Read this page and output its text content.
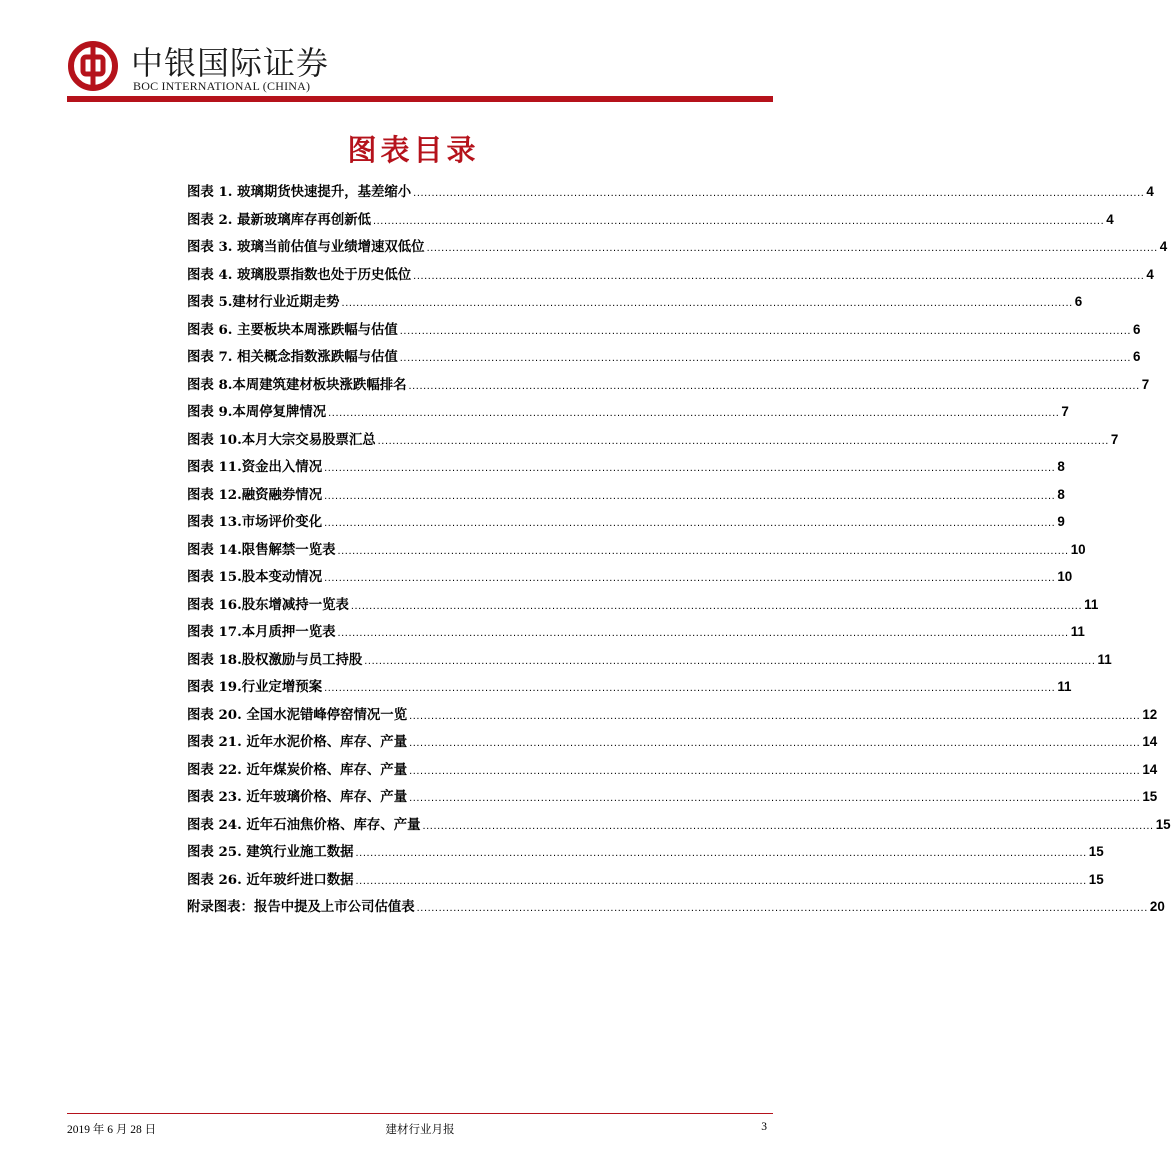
中银国际证券
BOC INTERNATIONAL (CHINA)
图表目录
图表 1. 玻璃期货快速提升，基差缩小 ........................................................................................................................................................................................................ 4
图表 2. 最新玻璃库存再创新低 ........................................................................................................................................................................................................ 4
图表 3. 玻璃当前估值与业绩增速双低位 ........................................................................................................................................................................................................ 4
图表 4. 玻璃股票指数也处于历史低位 ........................................................................................................................................................................................................ 4
图表 5.建材行业近期走势 ........................................................................................................................................................................................................ 6
图表 6. 主要板块本周涨跌幅与估值 ........................................................................................................................................................................................................ 6
图表 7. 相关概念指数涨跌幅与估值 ........................................................................................................................................................................................................ 6
图表 8.本周建筑建材板块涨跌幅排名 ........................................................................................................................................................................................................ 7
图表 9.本周停复牌情况 ........................................................................................................................................................................................................ 7
图表 10.本月大宗交易股票汇总 ........................................................................................................................................................................................................ 7
图表 11.资金出入情况 ........................................................................................................................................................................................................ 8
图表 12.融资融券情况 ........................................................................................................................................................................................................ 8
图表 13.市场评价变化 ........................................................................................................................................................................................................ 9
图表 14.限售解禁一览表 ........................................................................................................................................................................................................ 10
图表 15.股本变动情况 ........................................................................................................................................................................................................ 10
图表 16.股东增减持一览表 ........................................................................................................................................................................................................ 11
图表 17.本月质押一览表 ........................................................................................................................................................................................................ 11
图表 18.股权激励与员工持股 ........................................................................................................................................................................................................ 11
图表 19.行业定增预案 ........................................................................................................................................................................................................ 11
图表 20. 全国水泥错峰停窑情况一览 ........................................................................................................................................................................................................ 12
图表 21. 近年水泥价格、库存、产量 ........................................................................................................................................................................................................ 14
图表 22. 近年煤炭价格、库存、产量 ........................................................................................................................................................................................................ 14
图表 23. 近年玻璃价格、库存、产量 ........................................................................................................................................................................................................ 15
图表 24. 近年石油焦价格、库存、产量 ........................................................................................................................................................................................................ 15
图表 25. 建筑行业施工数据 ........................................................................................................................................................................................................ 15
图表 26. 近年玻纤进口数据 ........................................................................................................................................................................................................ 15
附录图表：报告中提及上市公司估值表 ........................................................................................................................................................................................................ 20
2019 年 6 月 28 日	建材行业月报	3
